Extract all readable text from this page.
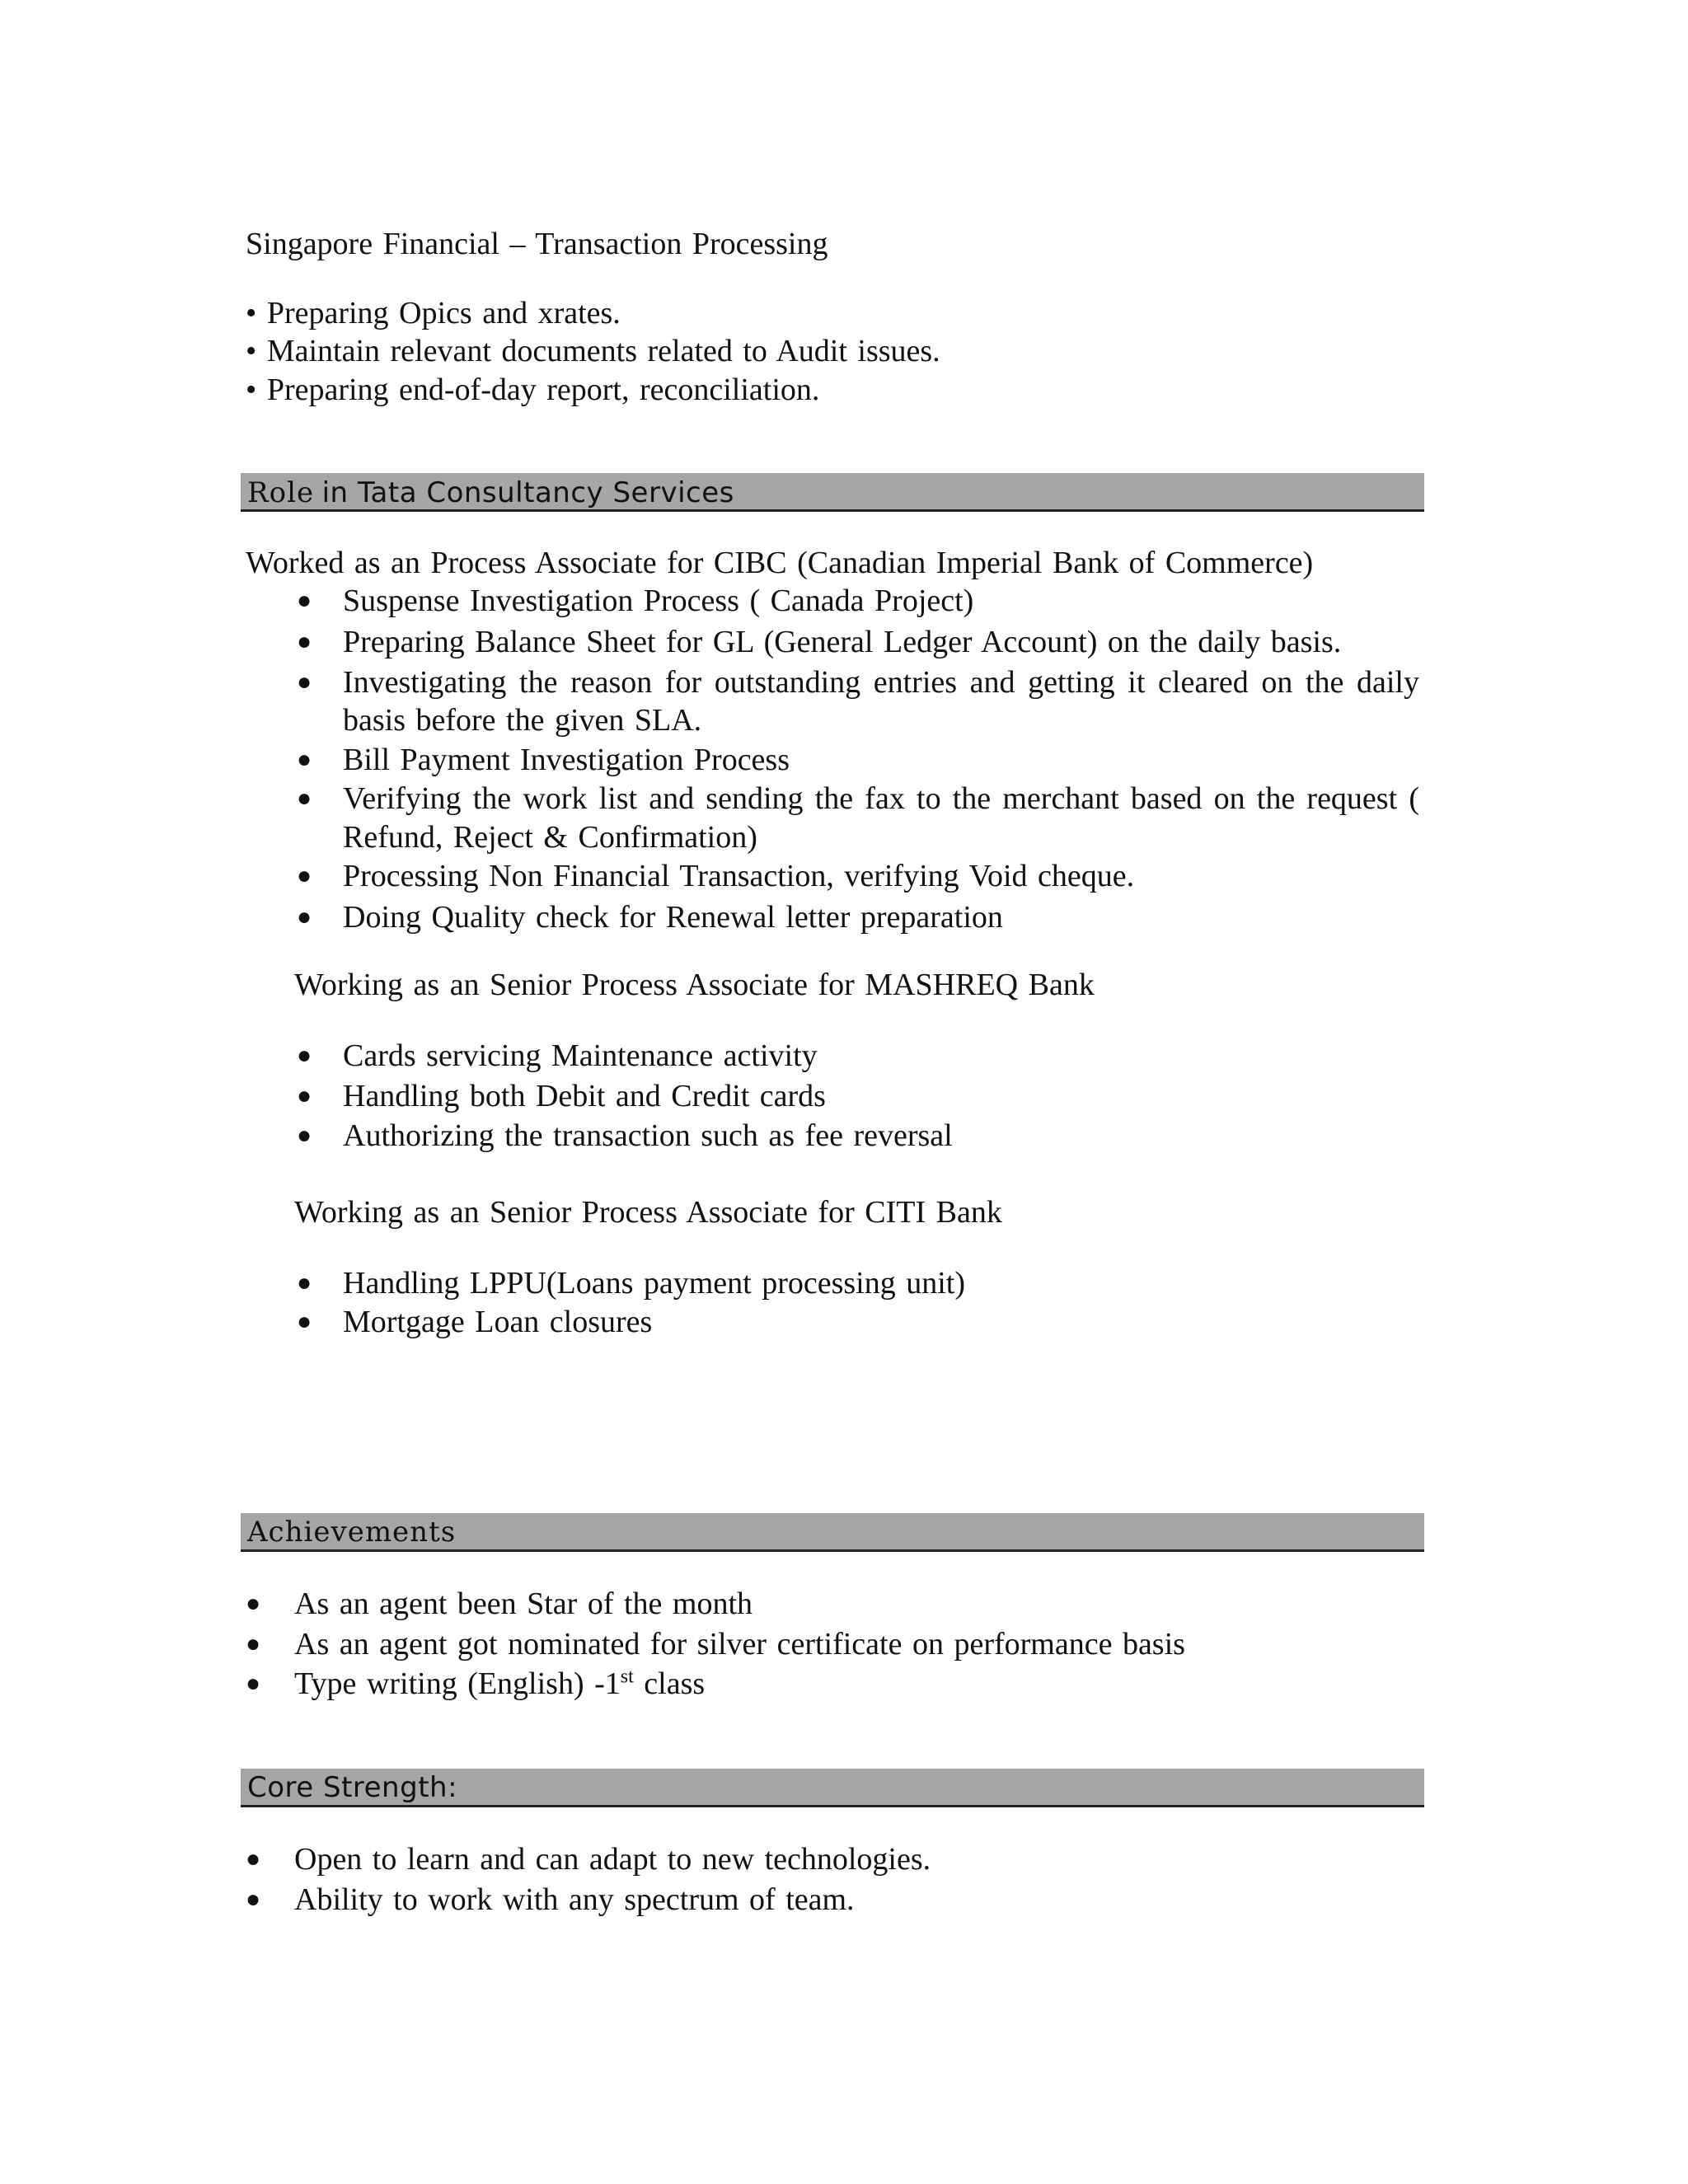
Singapore Financial – Transaction Processing
• Preparing Opics and xrates.
• Maintain relevant documents related to Audit issues.
• Preparing end-of-day report, reconciliation.
Role in Tata Consultancy Services
Worked as an Process Associate for CIBC (Canadian Imperial Bank of Commerce)
● Suspense Investigation Process ( Canada Project)
● Preparing Balance Sheet for GL (General Ledger Account) on the daily basis.
● Investigating the reason for outstanding entries and getting it cleared on the daily
basis before the given SLA.
● Bill Payment Investigation Process
● Verifying the work list and sending the fax to the merchant based on the request (
Refund, Reject & Confirmation)
● Processing Non Financial Transaction, verifying Void cheque.
● Doing Quality check for Renewal letter preparation
Working as an Senior Process Associate for MASHREQ Bank
● Cards servicing Maintenance activity
● Handling both Debit and Credit cards
● Authorizing the transaction such as fee reversal
Working as an Senior Process Associate for CITI Bank
● Handling LPPU(Loans payment processing unit)
● Mortgage Loan closures
Achievements
● As an agent been Star of the month
● As an agent got nominated for silver certificate on performance basis
● Type writing (English) -1st class
Core Strength:
● Open to learn and can adapt to new technologies.
● Ability to work with any spectrum of team.
